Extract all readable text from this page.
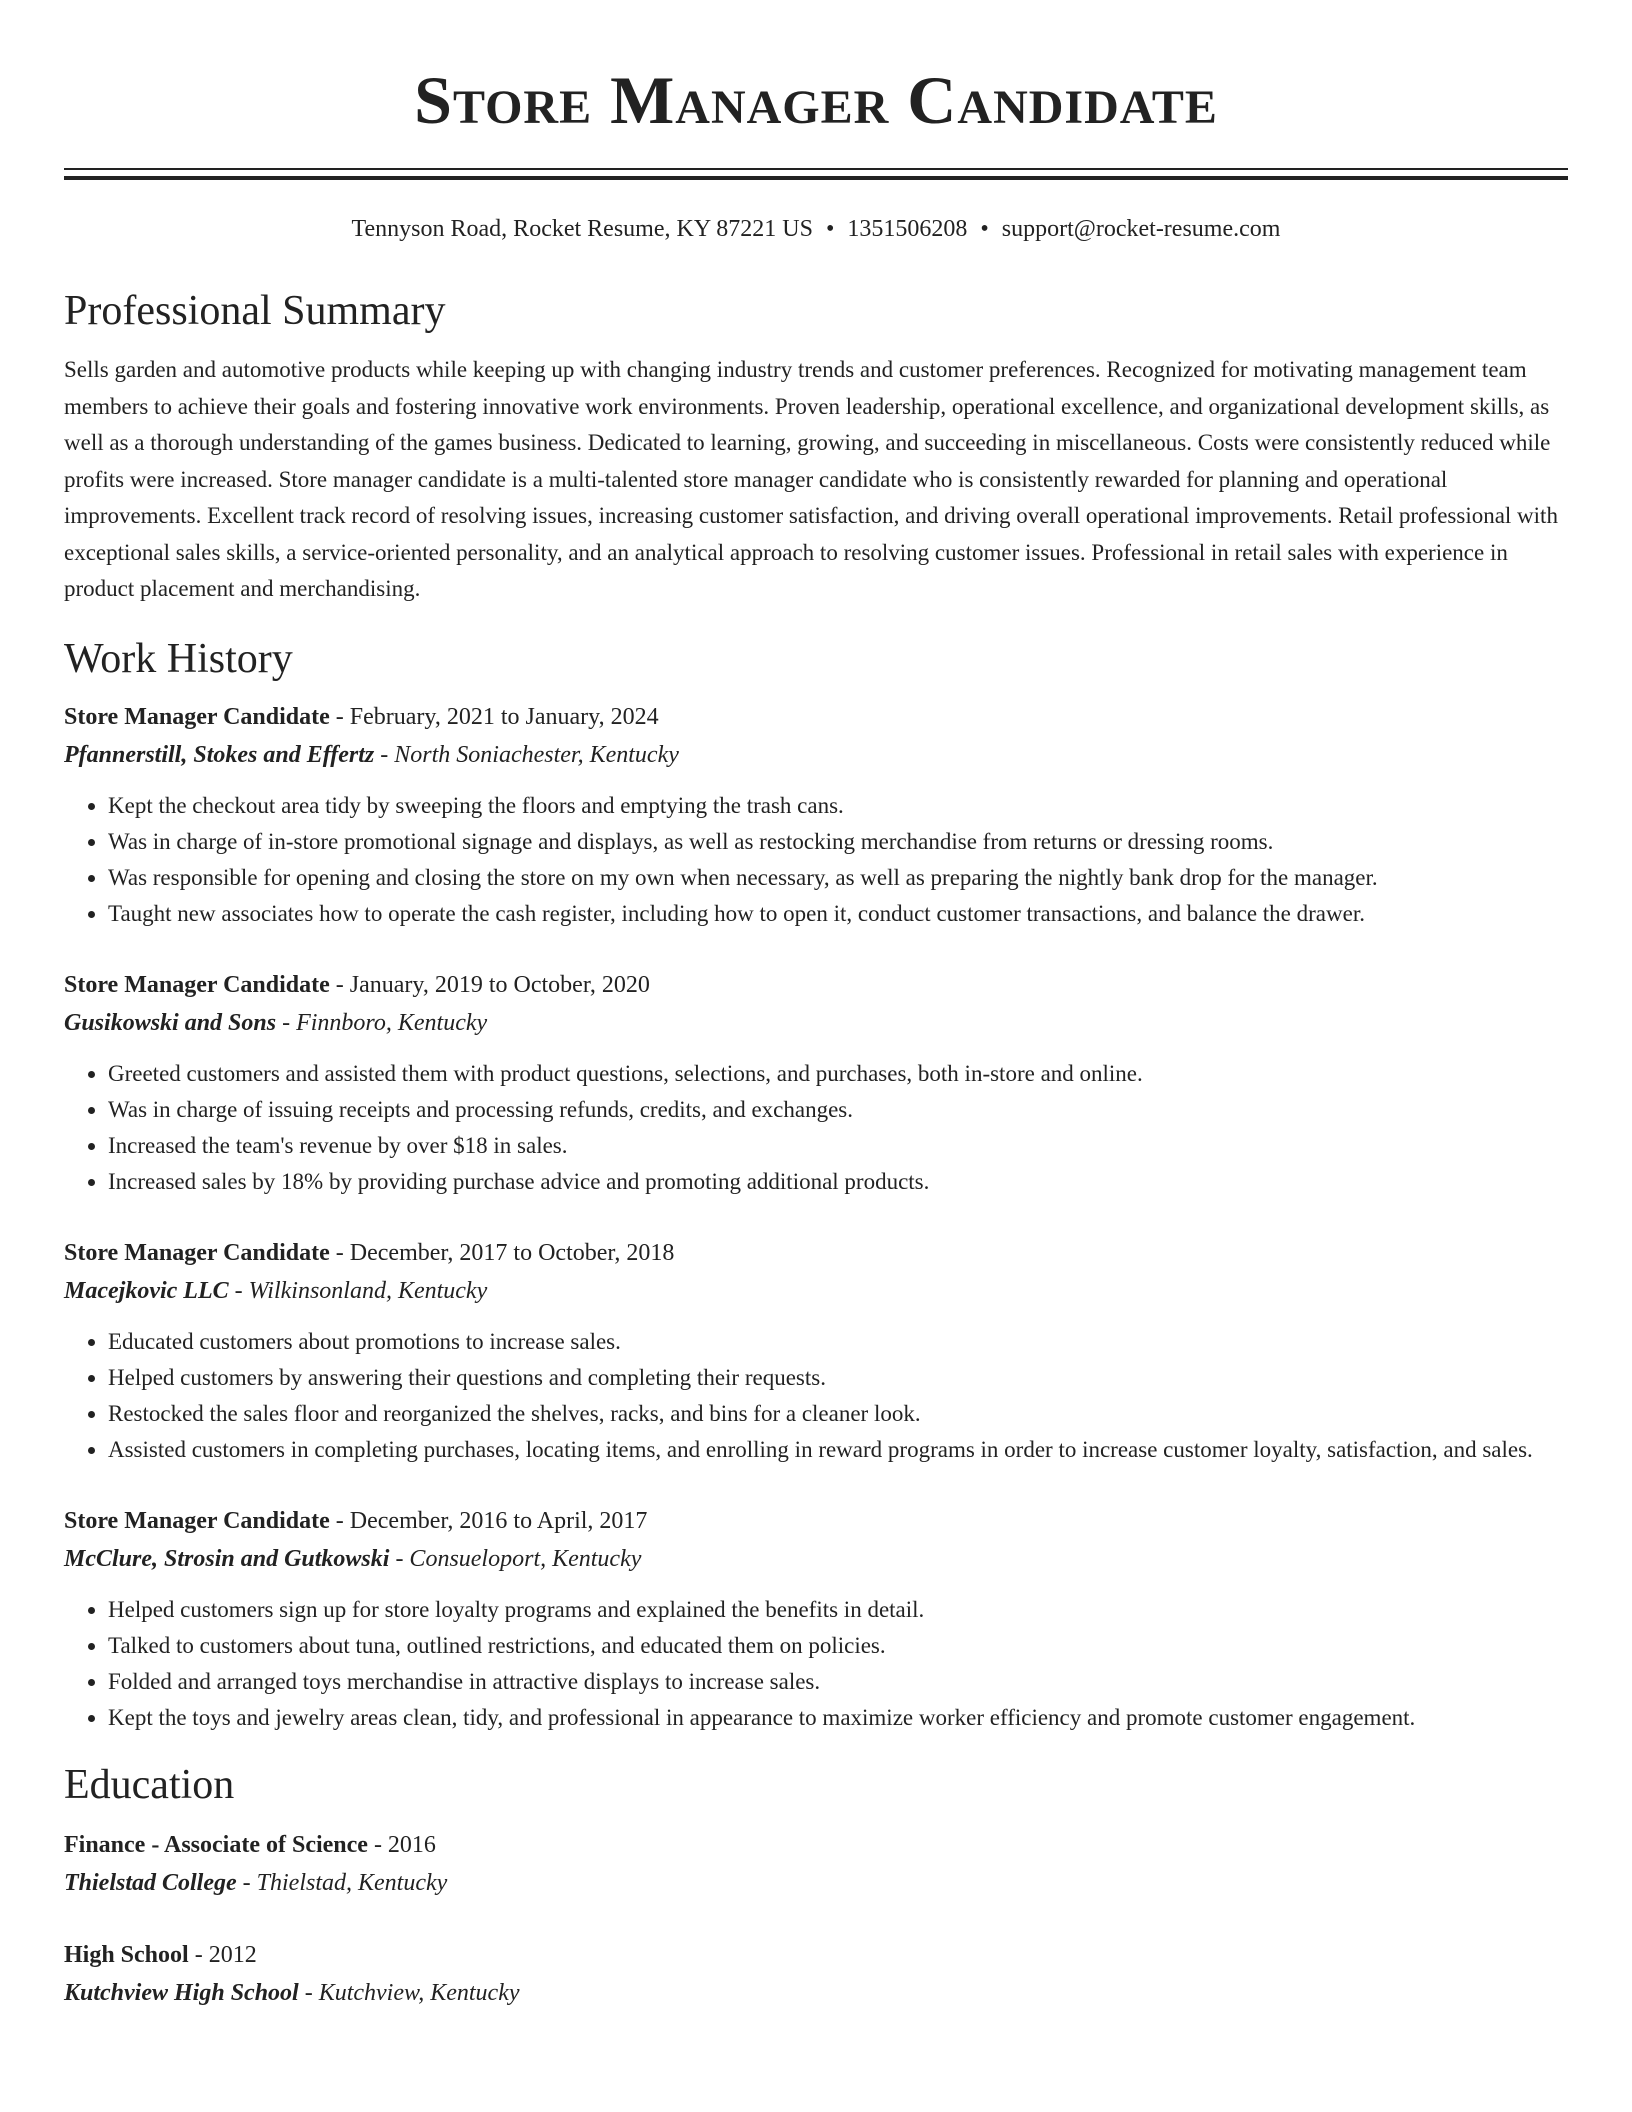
Store Manager Candidate
Tennyson Road, Rocket Resume, KY 87221 US • 1351506208 • support@rocket-resume.com
Professional Summary
Sells garden and automotive products while keeping up with changing industry trends and customer preferences. Recognized for motivating management team members to achieve their goals and fostering innovative work environments. Proven leadership, operational excellence, and organizational development skills, as well as a thorough understanding of the games business. Dedicated to learning, growing, and succeeding in miscellaneous. Costs were consistently reduced while profits were increased. Store manager candidate is a multi-talented store manager candidate who is consistently rewarded for planning and operational improvements. Excellent track record of resolving issues, increasing customer satisfaction, and driving overall operational improvements. Retail professional with exceptional sales skills, a service-oriented personality, and an analytical approach to resolving customer issues. Professional in retail sales with experience in product placement and merchandising.
Work History
Store Manager Candidate - February, 2021 to January, 2024
Pfannerstill, Stokes and Effertz - North Soniachester, Kentucky
• Kept the checkout area tidy by sweeping the floors and emptying the trash cans.
• Was in charge of in-store promotional signage and displays, as well as restocking merchandise from returns or dressing rooms.
• Was responsible for opening and closing the store on my own when necessary, as well as preparing the nightly bank drop for the manager.
• Taught new associates how to operate the cash register, including how to open it, conduct customer transactions, and balance the drawer.
Store Manager Candidate - January, 2019 to October, 2020
Gusikowski and Sons - Finnboro, Kentucky
• Greeted customers and assisted them with product questions, selections, and purchases, both in-store and online.
• Was in charge of issuing receipts and processing refunds, credits, and exchanges.
• Increased the team's revenue by over $18 in sales.
• Increased sales by 18% by providing purchase advice and promoting additional products.
Store Manager Candidate - December, 2017 to October, 2018
Macejkovic LLC - Wilkinsonland, Kentucky
• Educated customers about promotions to increase sales.
• Helped customers by answering their questions and completing their requests.
• Restocked the sales floor and reorganized the shelves, racks, and bins for a cleaner look.
• Assisted customers in completing purchases, locating items, and enrolling in reward programs in order to increase customer loyalty, satisfaction, and sales.
Store Manager Candidate - December, 2016 to April, 2017
McClure, Strosin and Gutkowski - Consueloport, Kentucky
• Helped customers sign up for store loyalty programs and explained the benefits in detail.
• Talked to customers about tuna, outlined restrictions, and educated them on policies.
• Folded and arranged toys merchandise in attractive displays to increase sales.
• Kept the toys and jewelry areas clean, tidy, and professional in appearance to maximize worker efficiency and promote customer engagement.
Education
Finance - Associate of Science - 2016
Thielstad College - Thielstad, Kentucky
High School - 2012
Kutchview High School - Kutchview, Kentucky
